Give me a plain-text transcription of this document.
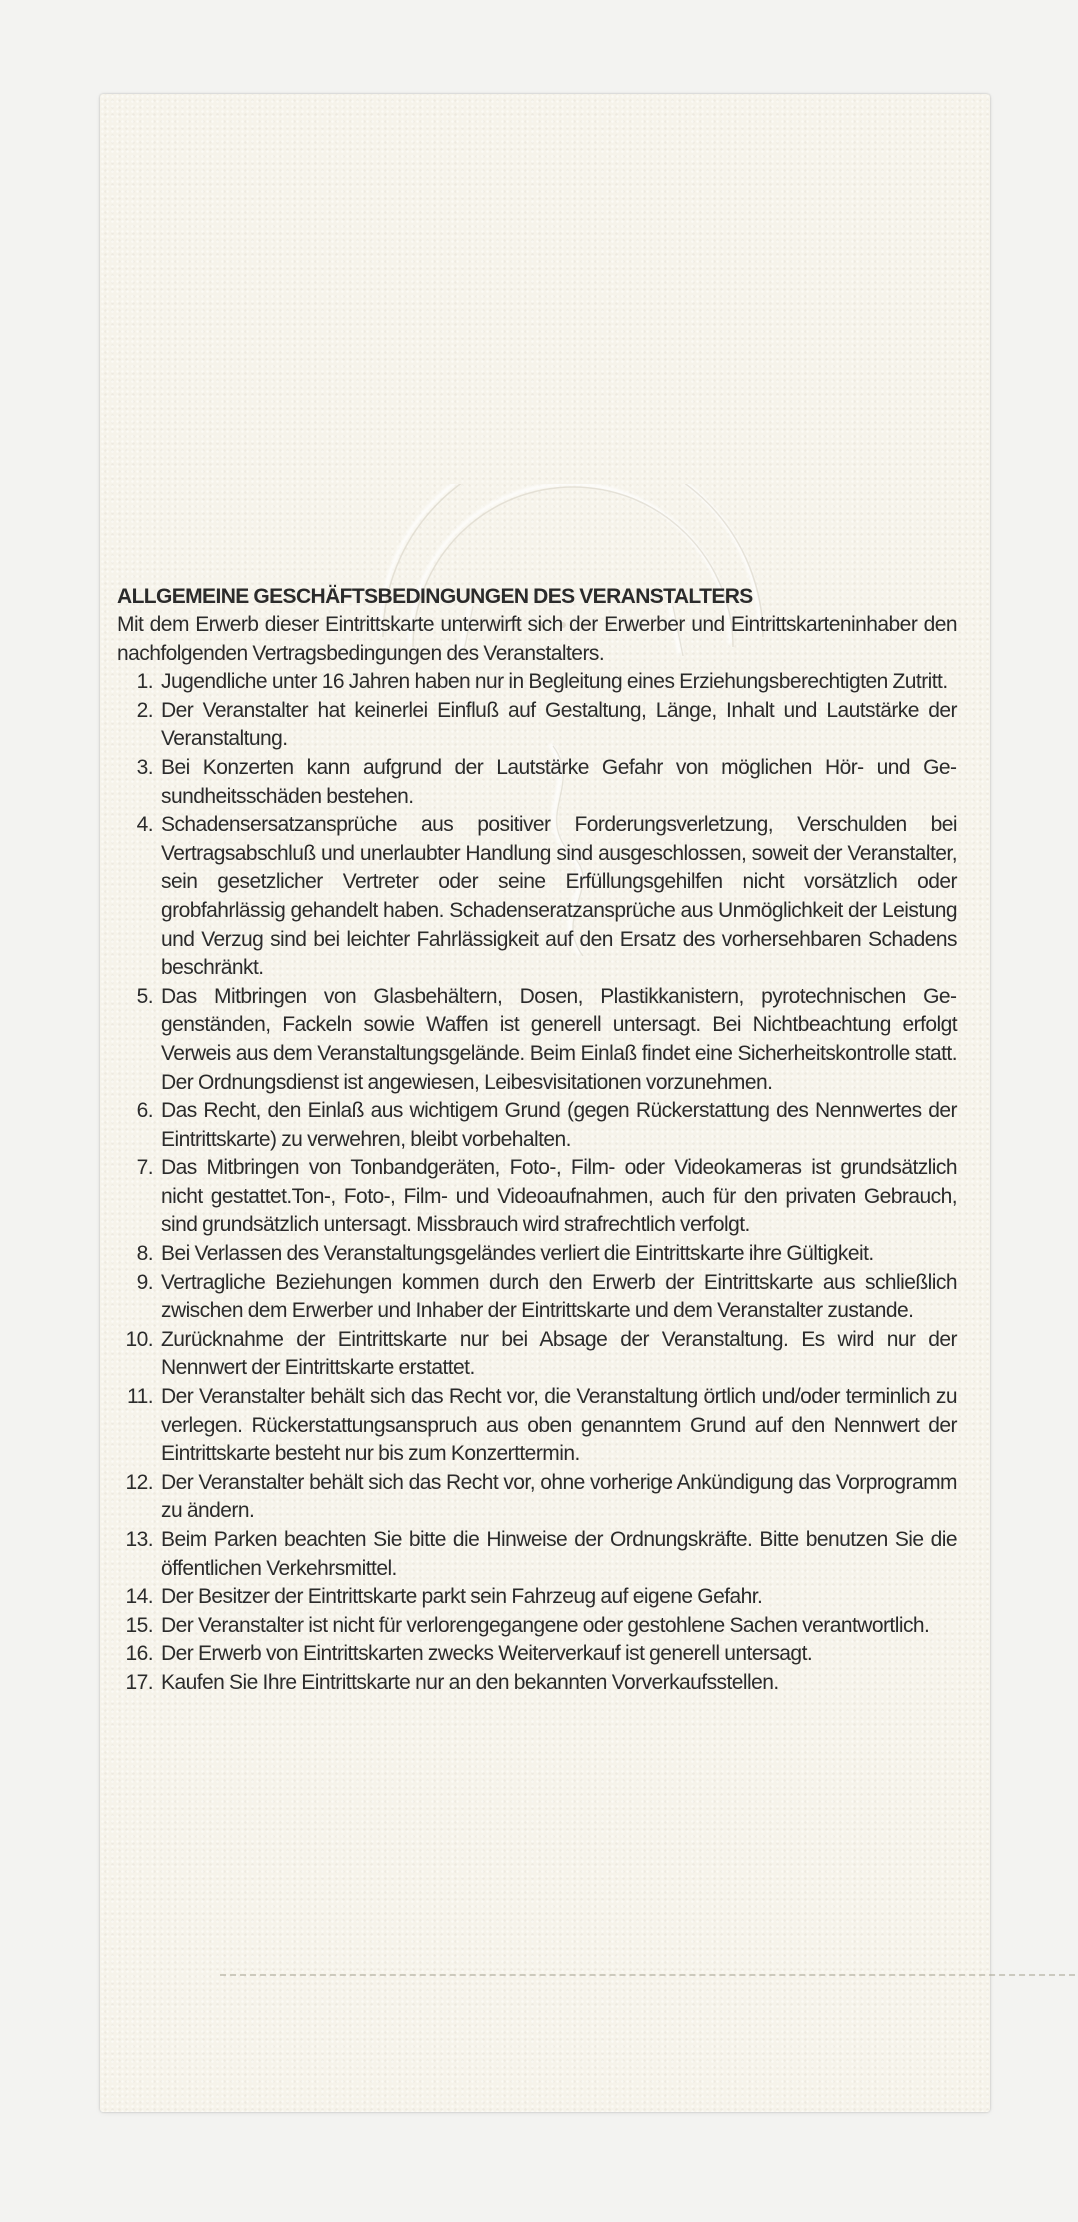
ALLGEMEINE GESCHÄFTSBEDINGUNGEN DES VERANSTALTERS

Mit dem Erwerb dieser Eintrittskarte unterwirft sich der Erwerber und Eintrittskarteninhaber den nachfolgenden Vertragsbedingungen des Veranstalters.

1. Jugendliche unter 16 Jahren haben nur in Begleitung eines Erziehungsberechtigten Zutritt.
2. Der Veranstalter hat keinerlei Einfluß auf Gestaltung, Länge, Inhalt und Lautstärke der Veranstaltung.
3. Bei Konzerten kann aufgrund der Lautstärke Gefahr von möglichen Hör- und Gesundheitsschäden bestehen.
4. Schadensersatzansprüche aus positiver Forderungsverletzung, Verschulden bei Vertragsabschluß und unerlaubter Handlung sind ausgeschlossen, soweit der Veranstalter, sein gesetzlicher Vertreter oder seine Erfüllungsgehilfen nicht vorsätzlich oder grobfahrlässig gehandelt haben. Schadenseratzansprüche aus Unmöglichkeit der Leistung und Verzug sind bei leichter Fahrlässigkeit auf den Ersatz des vorhersehbaren Schadens beschränkt.
5. Das Mitbringen von Glasbehältern, Dosen, Plastikkanistern, pyrotechnischen Gegenständen, Fackeln sowie Waffen ist generell untersagt. Bei Nichtbeachtung erfolgt Verweis aus dem Veranstaltungsgelände. Beim Einlaß findet eine Sicherheitskontrolle statt. Der Ordnungsdienst ist angewiesen, Leibesvisitationen vorzunehmen.
6. Das Recht, den Einlaß aus wichtigem Grund (gegen Rückerstattung des Nennwertes der Eintrittskarte) zu verwehren, bleibt vorbehalten.
7. Das Mitbringen von Tonbandgeräten, Foto-, Film- oder Videokameras ist grundsätzlich nicht gestattet.Ton-, Foto-, Film- und Videoaufnahmen, auch für den privaten Gebrauch, sind grundsätzlich untersagt. Missbrauch wird strafrechtlich verfolgt.
8. Bei Verlassen des Veranstaltungsgeländes verliert die Eintrittskarte ihre Gültigkeit.
9. Vertragliche Beziehungen kommen durch den Erwerb der Eintrittskarte aus schließlich zwischen dem Erwerber und Inhaber der Eintrittskarte und dem Veranstalter zustande.
10. Zurücknahme der Eintrittskarte nur bei Absage der Veranstaltung. Es wird nur der Nennwert der Eintrittskarte erstattet.
11. Der Veranstalter behält sich das Recht vor, die Veranstaltung örtlich und/oder terminlich zu verlegen. Rückerstattungsanspruch aus oben genanntem Grund auf den Nennwert der Eintrittskarte besteht nur bis zum Konzerttermin.
12. Der Veranstalter behält sich das Recht vor, ohne vorherige Ankündigung das Vorprogramm zu ändern.
13. Beim Parken beachten Sie bitte die Hinweise der Ordnungskräfte. Bitte benutzen Sie die öffentlichen Verkehrsmittel.
14. Der Besitzer der Eintrittskarte parkt sein Fahrzeug auf eigene Gefahr.
15. Der Veranstalter ist nicht für verlorengegangene oder gestohlene Sachen verantwortlich.
16. Der Erwerb von Eintrittskarten zwecks Weiterverkauf ist generell untersagt.
17. Kaufen Sie Ihre Eintrittskarte nur an den bekannten Vorverkaufsstellen.
